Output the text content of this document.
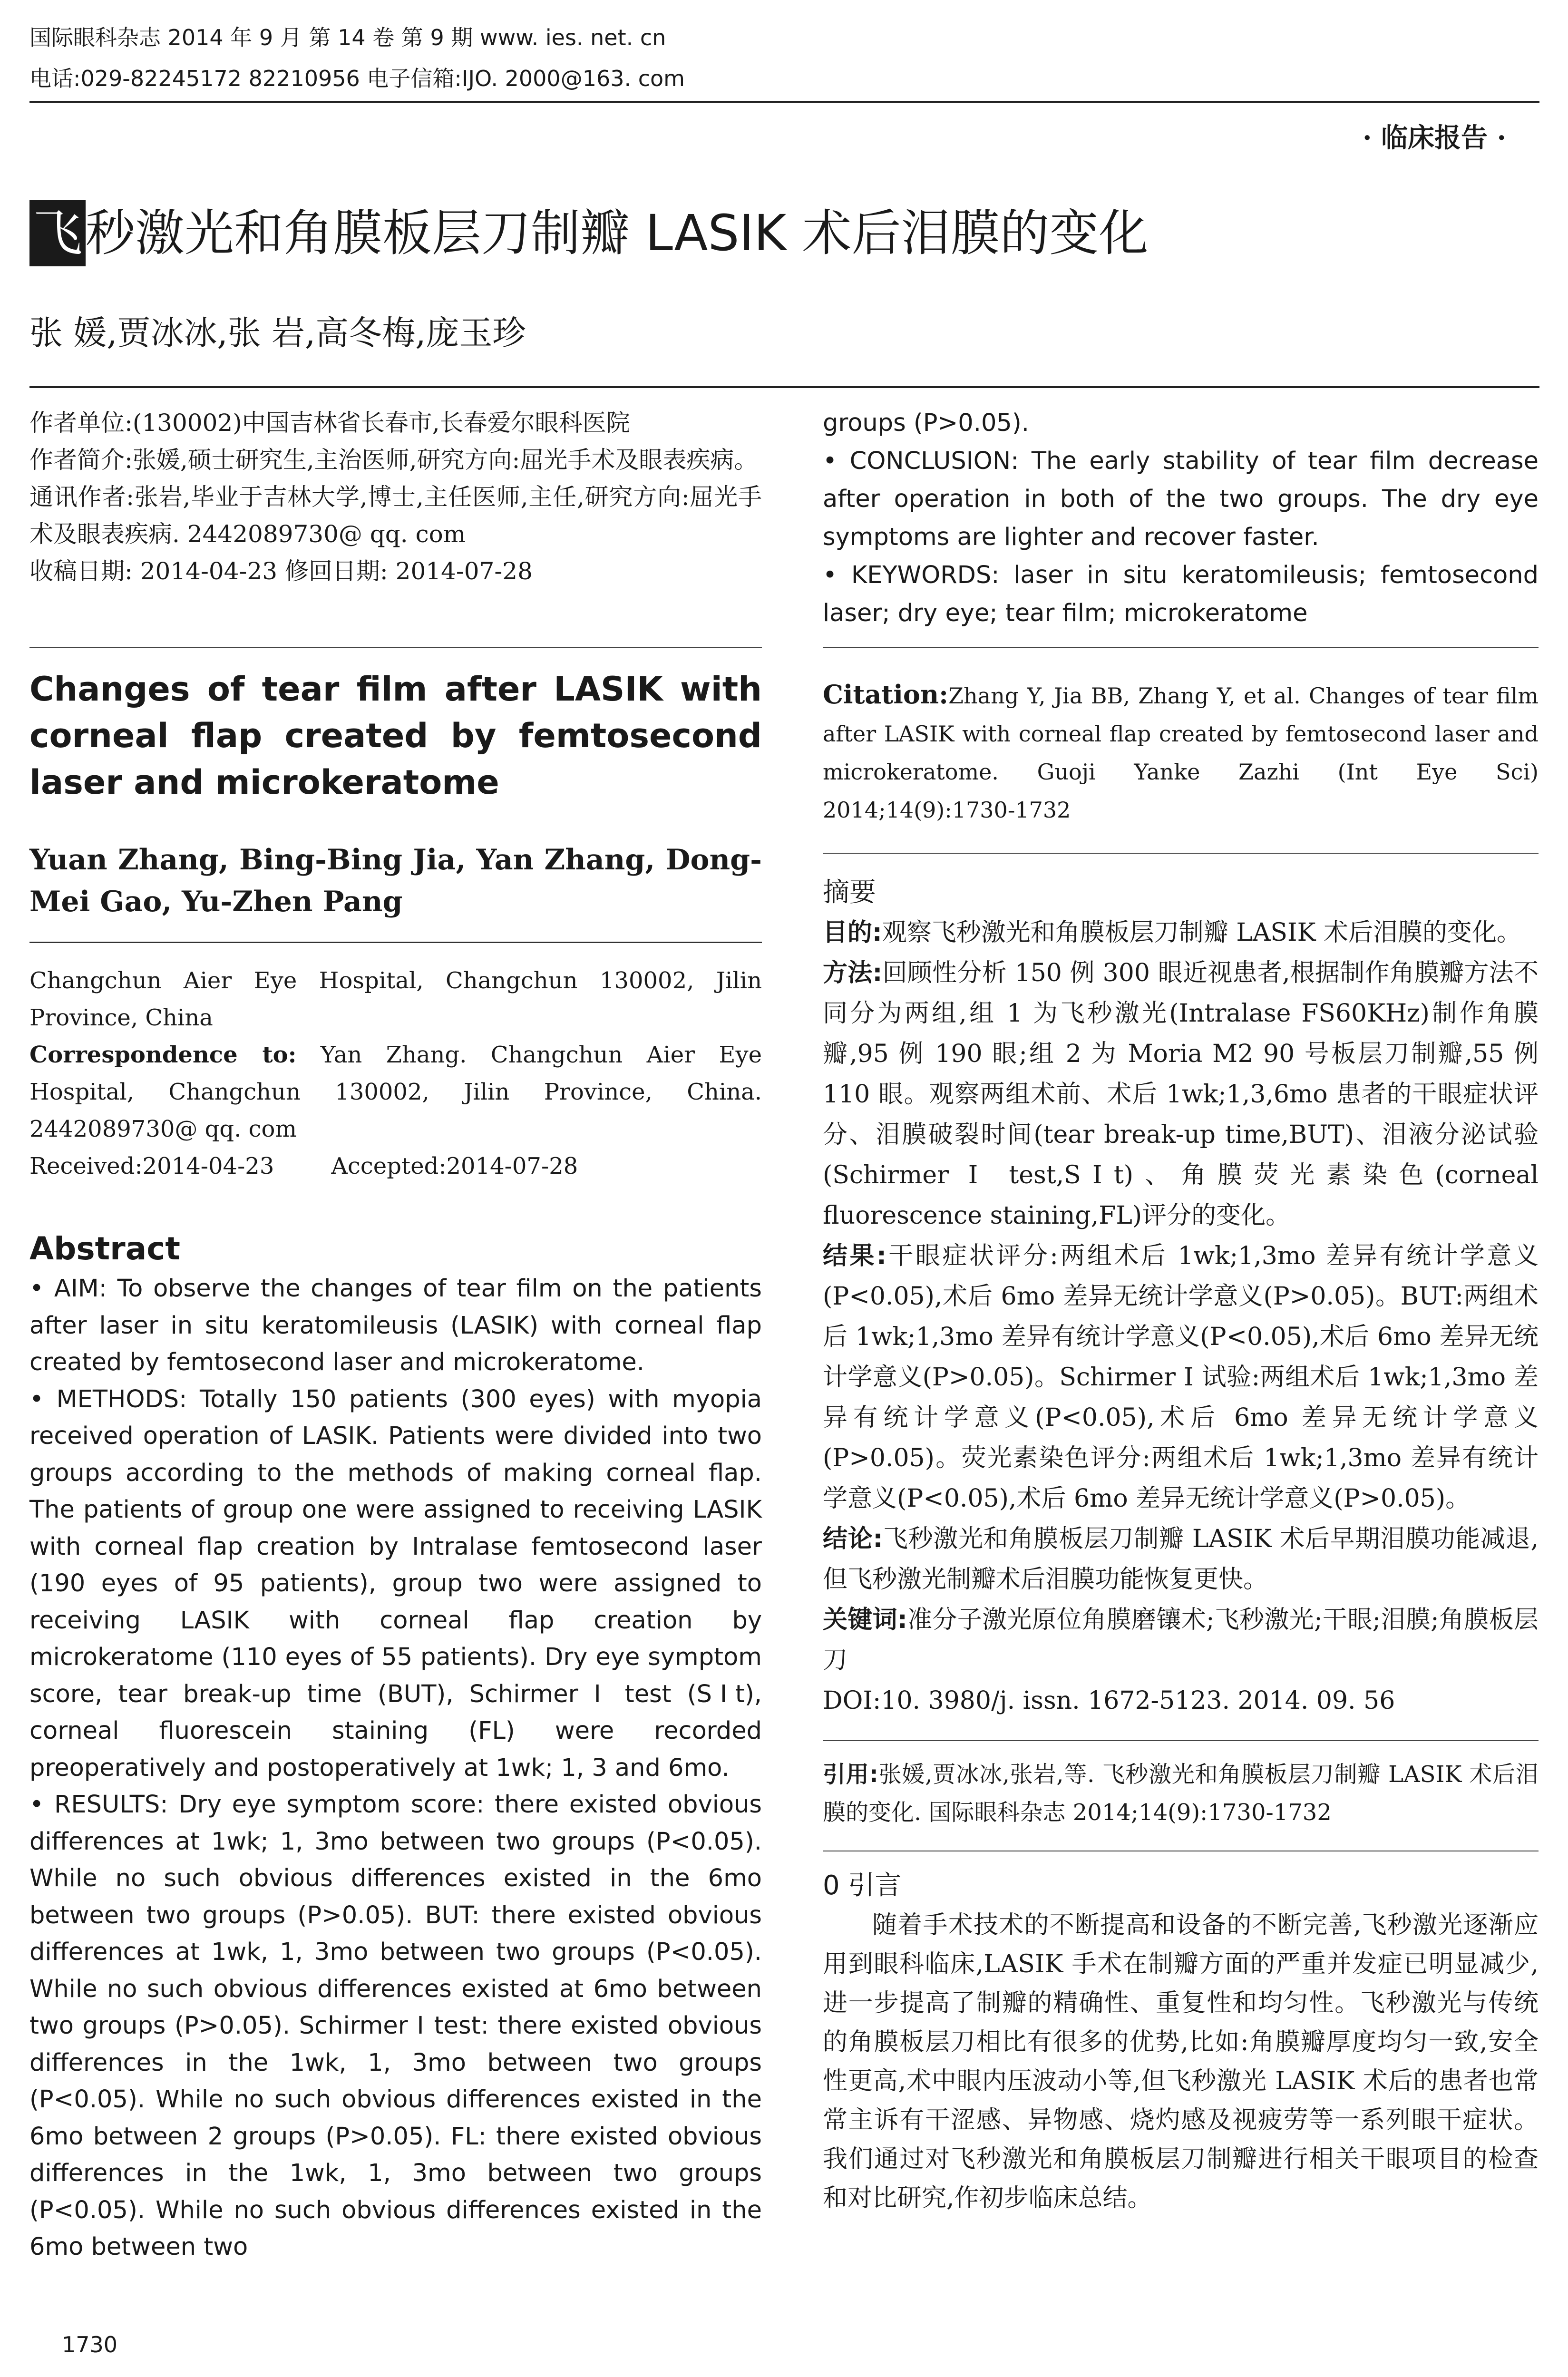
国际眼科杂志 2014 年 9 月 第 14 卷 第 9 期 www. ies. net. cn
电话:029-82245172 82210956 电子信箱:IJO. 2000@163. com
· 临床报告 ·
飞秒激光和角膜板层刀制瓣 LASIK 术后泪膜的变化
张 媛,贾冰冰,张 岩,高冬梅,庞玉珍

作者单位:(130002)中国吉林省长春市,长春爱尔眼科医院

作者简介:张媛,硕士研究生,主治医师,研究方向:屈光手术及眼表疾病。

通讯作者:张岩,毕业于吉林大学,博士,主任医师,主任,研究方向:屈光手术及眼表疾病. 2442089730@ qq. com

收稿日期: 2014-04-23 修回日期: 2014-07-28

Changes of tear film after LASIK with corneal flap created by femtosecond laser and microkeratome
Yuan Zhang, Bing-Bing Jia, Yan Zhang, Dong-Mei Gao, Yu-Zhen Pang

Changchun Aier Eye Hospital, Changchun 130002, Jilin Province, China

Correspondence to: Yan Zhang. Changchun Aier Eye Hospital, Changchun 130002, Jilin Province, China. 2442089730@ qq. com

Received:2014-04-23	Accepted:2014-07-28

Abstract

• AIM: To observe the changes of tear film on the patients after laser in situ keratomileusis (LASIK) with corneal flap created by femtosecond laser and microkeratome.

• METHODS: Totally 150 patients (300 eyes) with myopia received operation of LASIK. Patients were divided into two groups according to the methods of making corneal flap. The patients of group one were assigned to receiving LASIK with corneal flap creation by Intralase femtosecond laser (190 eyes of 95 patients), group two were assigned to receiving LASIK with corneal flap creation by microkeratome (110 eyes of 55 patients). Dry eye symptom score, tear break-up time (BUT), Schirmer Ⅰ test (SⅠt), corneal fluorescein staining (FL) were recorded preoperatively and postoperatively at 1wk; 1, 3 and 6mo.

• RESULTS: Dry eye symptom score: there existed obvious differences at 1wk; 1, 3mo between two groups (P<0.05). While no such obvious differences existed in the 6mo between two groups (P>0.05). BUT: there existed obvious differences at 1wk, 1, 3mo between two groups (P<0.05). While no such obvious differences existed at 6mo between two groups (P>0.05). Schirmer Ⅰ test: there existed obvious differences in the 1wk, 1, 3mo between two groups (P<0.05). While no such obvious differences existed in the 6mo between 2 groups (P>0.05). FL: there existed obvious differences in the 1wk, 1, 3mo between two groups (P<0.05). While no such obvious differences existed in the 6mo between two

groups (P>0.05).

• CONCLUSION: The early stability of tear film decrease after operation in both of the two groups. The dry eye symptoms are lighter and recover faster.

• KEYWORDS: laser in situ keratomileusis; femtosecond laser; dry eye; tear film; microkeratome

Citation:Zhang Y, Jia BB, Zhang Y, et al. Changes of tear film after LASIK with corneal flap created by femtosecond laser and microkeratome. Guoji Yanke Zazhi (Int Eye Sci) 2014;14(9):1730-1732
摘要

目的:观察飞秒激光和角膜板层刀制瓣 LASIK 术后泪膜的变化。

方法:回顾性分析 150 例 300 眼近视患者,根据制作角膜瓣方法不同分为两组,组 1 为飞秒激光(Intralase FS60KHz)制作角膜瓣,95 例 190 眼;组 2 为 Moria M2 90 号板层刀制瓣,55 例 110 眼。观察两组术前、术后 1wk;1,3,6mo 患者的干眼症状评分、泪膜破裂时间(tear break-up time,BUT)、泪液分泌试验(Schirmer Ⅰ test,SⅠt)、角膜荧光素染色(corneal fluorescence staining,FL)评分的变化。

结果:干眼症状评分:两组术后 1wk;1,3mo 差异有统计学意义(P<0.05),术后 6mo 差异无统计学意义(P>0.05)。BUT:两组术后 1wk;1,3mo 差异有统计学意义(P<0.05),术后 6mo 差异无统计学意义(P>0.05)。Schirmer Ⅰ 试验:两组术后 1wk;1,3mo 差异有统计学意义(P<0.05),术后 6mo 差异无统计学意义(P>0.05)。荧光素染色评分:两组术后 1wk;1,3mo 差异有统计学意义(P<0.05),术后 6mo 差异无统计学意义(P>0.05)。

结论:飞秒激光和角膜板层刀制瓣 LASIK 术后早期泪膜功能减退,但飞秒激光制瓣术后泪膜功能恢复更快。

关键词:准分子激光原位角膜磨镶术;飞秒激光;干眼;泪膜;角膜板层刀

DOI:10. 3980/j. issn. 1672-5123. 2014. 09. 56

引用:张媛,贾冰冰,张岩,等. 飞秒激光和角膜板层刀制瓣 LASIK 术后泪膜的变化. 国际眼科杂志 2014;14(9):1730-1732
0 引言
随着手术技术的不断提高和设备的不断完善,飞秒激光逐渐应用到眼科临床,LASIK 手术在制瓣方面的严重并发症已明显减少,进一步提高了制瓣的精确性、重复性和均匀性。飞秒激光与传统的角膜板层刀相比有很多的优势,比如:角膜瓣厚度均匀一致,安全性更高,术中眼内压波动小等,但飞秒激光 LASIK 术后的患者也常常主诉有干涩感、异物感、烧灼感及视疲劳等一系列眼干症状。我们通过对飞秒激光和角膜板层刀制瓣进行相关干眼项目的检查和对比研究,作初步临床总结。
1730
